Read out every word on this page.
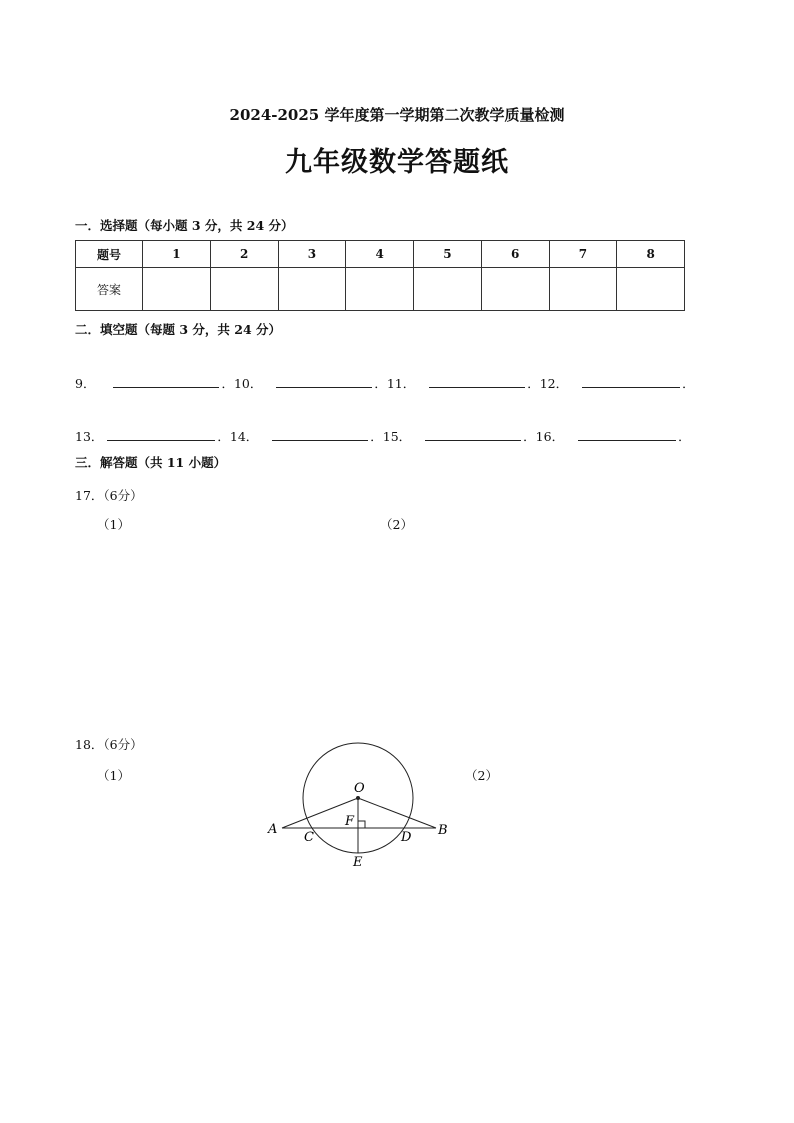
2024-2025 学年度第一学期第二次教学质量检测
九年级数学答题纸
一．选择题（每小题 3 分，共 24 分）
题号	1	2	3	4	5	6	7	8
答案								
二．填空题（每题 3 分，共 24 分）
9．	．10．	．11．	．12．	．
13．	．14．	．15．	．16．	．
三．解答题（共 11 小题）
17．（6分）
（1）	（2）
18．（6分）
（1）	（2）
O
A	B
C	D
E
F
